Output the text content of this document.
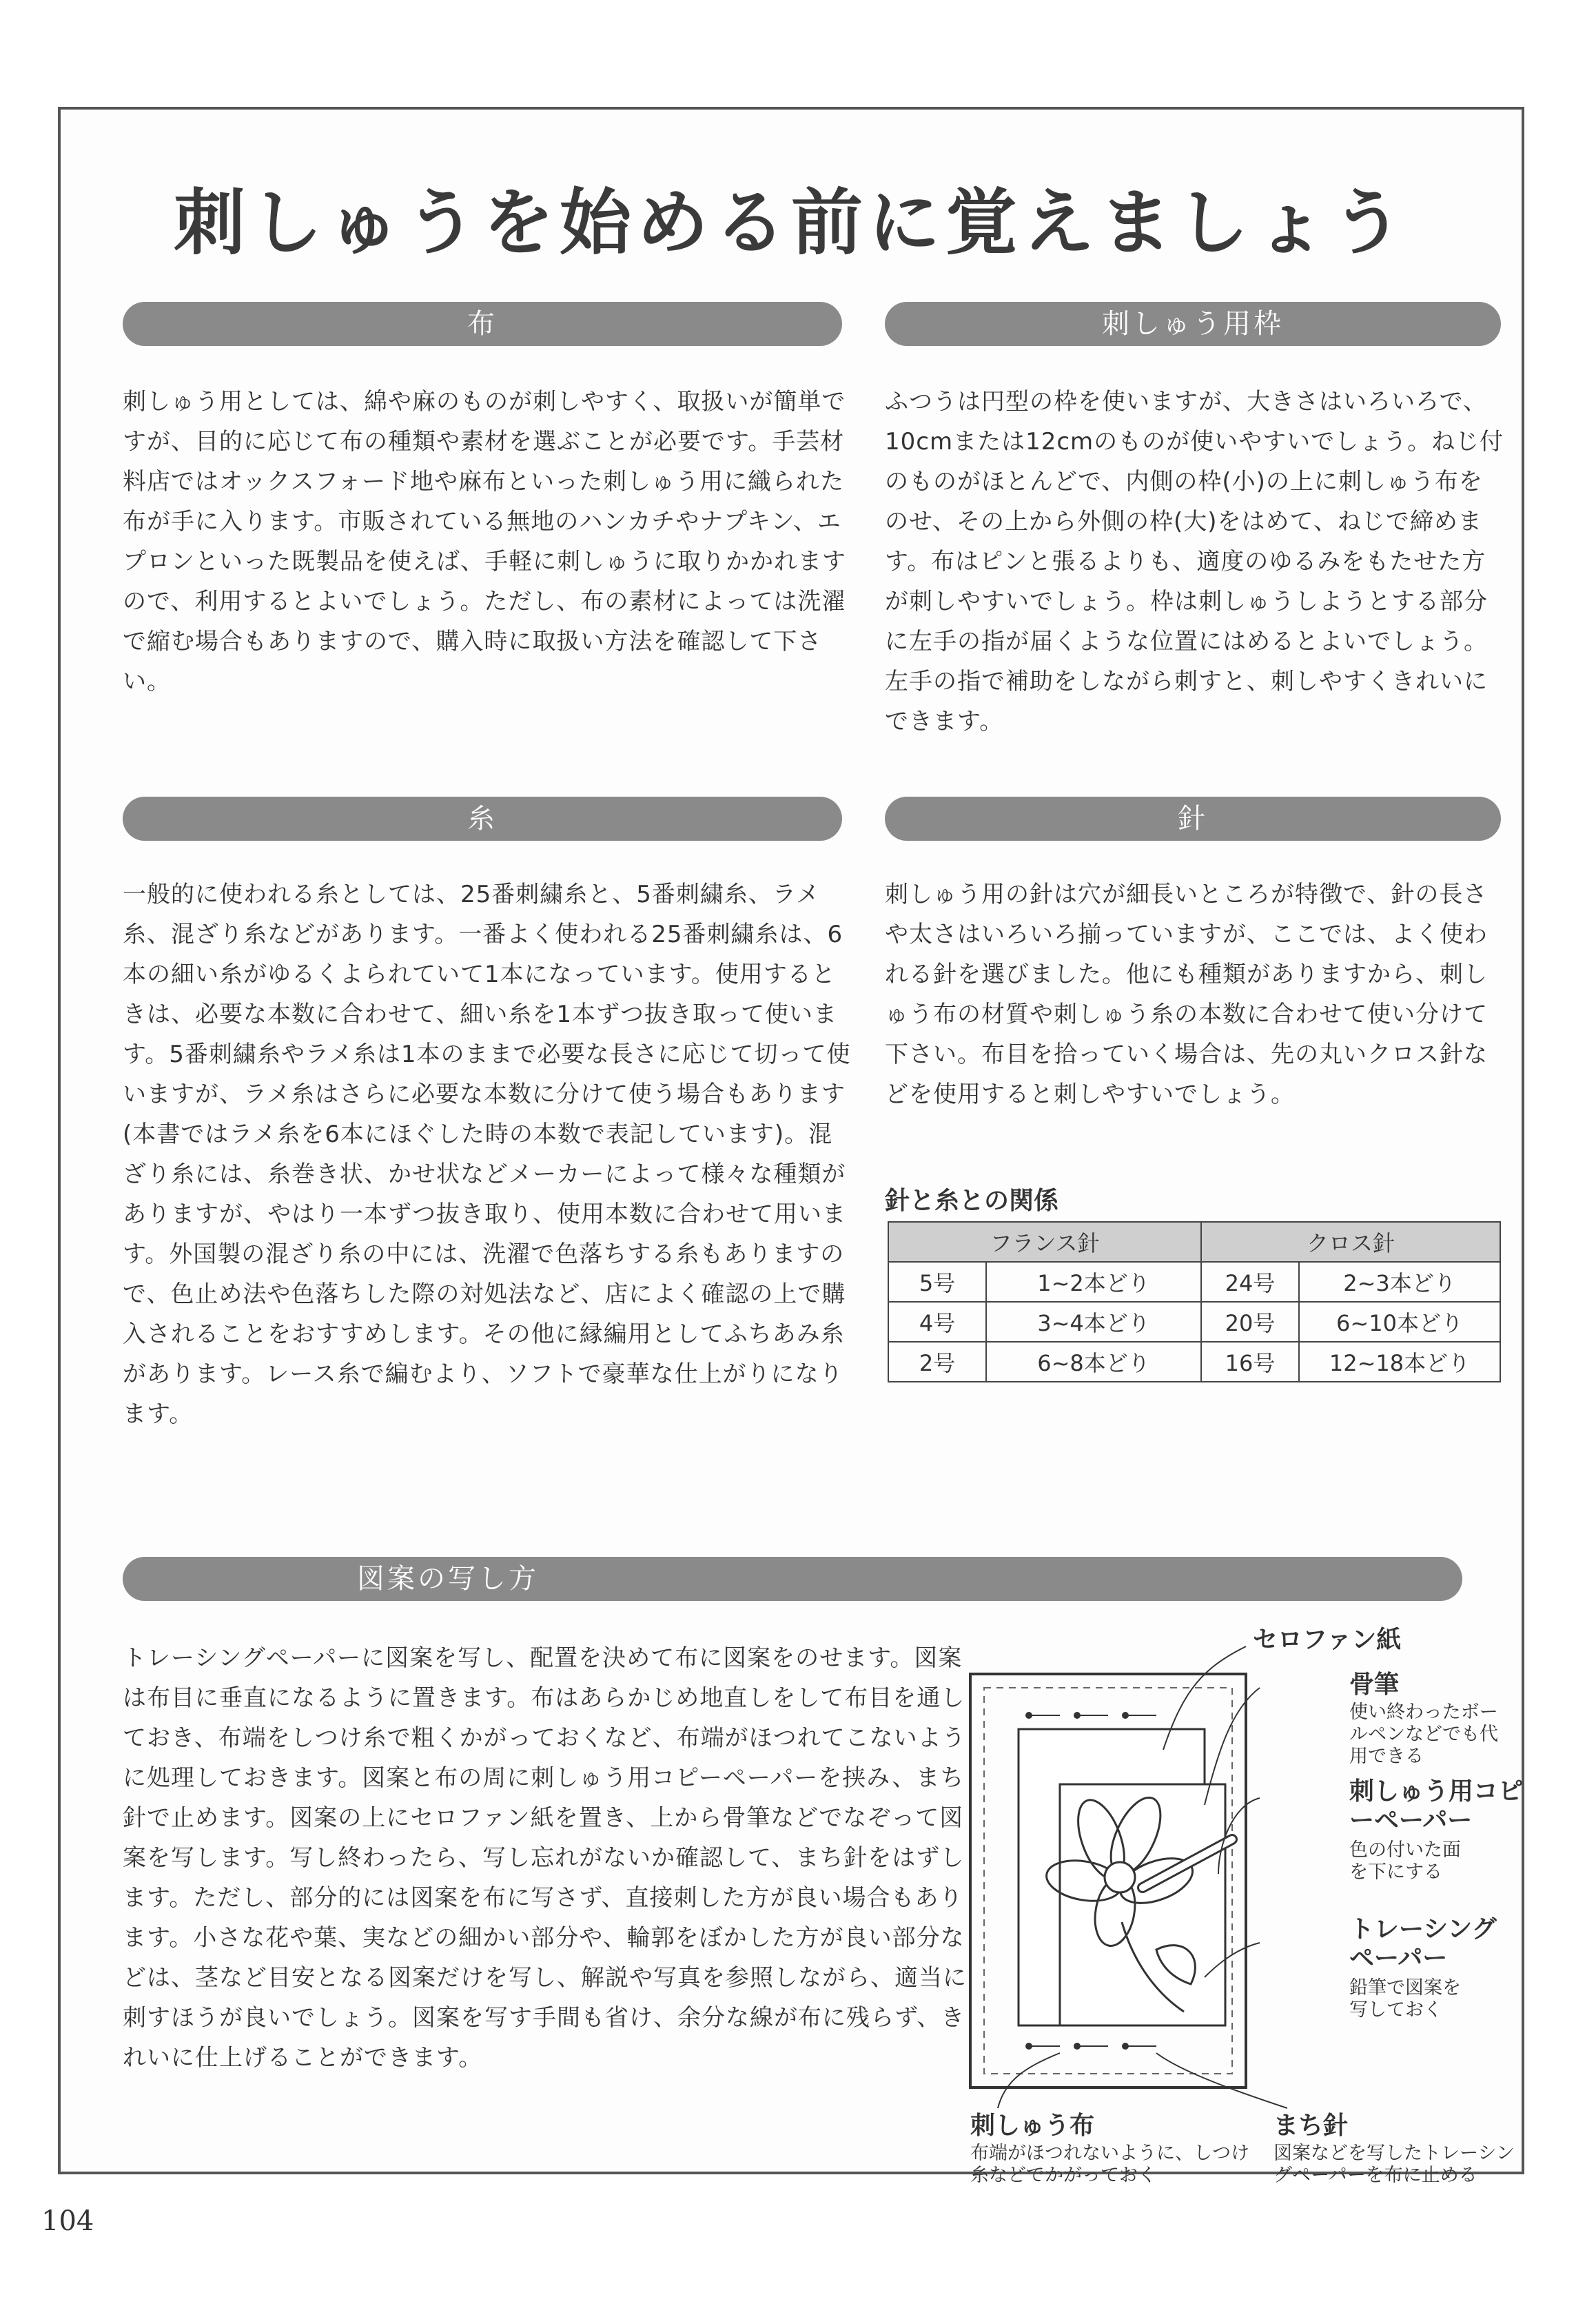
刺しゅうを始める前に覚えましょう
布
刺しゅう用としては、綿や麻のものが刺しやすく、取扱いが簡単ですが、目的に応じて布の種類や素材を選ぶことが必要です。手芸材料店ではオックスフォード地や麻布といった刺しゅう用に織られた布が手に入ります。市販されている無地のハンカチやナプキン、エプロンといった既製品を使えば、手軽に刺しゅうに取りかかれますので、利用するとよいでしょう。ただし、布の素材によっては洗濯で縮む場合もありますので、購入時に取扱い方法を確認して下さい。
刺しゅう用枠
ふつうは円型の枠を使いますが、大きさはいろいろで、10cmまたは12cmのものが使いやすいでしょう。ねじ付のものがほとんどで、内側の枠(小)の上に刺しゅう布をのせ、その上から外側の枠(大)をはめて、ねじで締めます。布はピンと張るよりも、適度のゆるみをもたせた方が刺しやすいでしょう。枠は刺しゅうしようとする部分に左手の指が届くような位置にはめるとよいでしょう。左手の指で補助をしながら刺すと、刺しやすくきれいにできます。
糸
一般的に使われる糸としては、25番刺繍糸と、5番刺繍糸、ラメ糸、混ざり糸などがあります。一番よく使われる25番刺繍糸は、6本の細い糸がゆるくよられていて1本になっています。使用するときは、必要な本数に合わせて、細い糸を1本ずつ抜き取って使います。5番刺繍糸やラメ糸は1本のままで必要な長さに応じて切って使いますが、ラメ糸はさらに必要な本数に分けて使う場合もあります(本書ではラメ糸を6本にほぐした時の本数で表記しています)。混ざり糸には、糸巻き状、かせ状などメーカーによって様々な種類がありますが、やはり一本ずつ抜き取り、使用本数に合わせて用います。外国製の混ざり糸の中には、洗濯で色落ちする糸もありますので、色止め法や色落ちした際の対処法など、店によく確認の上で購入されることをおすすめします。その他に縁編用としてふちあみ糸があります。レース糸で編むより、ソフトで豪華な仕上がりになります。
針
刺しゅう用の針は穴が細長いところが特徴で、針の長さや太さはいろいろ揃っていますが、ここでは、よく使われる針を選びました。他にも種類がありますから、刺しゅう布の材質や刺しゅう糸の本数に合わせて使い分けて下さい。布目を拾っていく場合は、先の丸いクロス針などを使用すると刺しやすいでしょう。
針と糸との関係
フランス針		クロス針	
5号	1~2本どり	24号	2~3本どり
4号	3~4本どり	20号	6~10本どり
2号	6~8本どり	16号	12~18本どり
図案の写し方
トレーシングペーパーに図案を写し、配置を決めて布に図案をのせます。図案は布目に垂直になるように置きます。布はあらかじめ地直しをして布目を通しておき、布端をしつけ糸で粗くかがっておくなど、布端がほつれてこないように処理しておきます。図案と布の周に刺しゅう用コピーペーパーを挟み、まち針で止めます。図案の上にセロファン紙を置き、上から骨筆などでなぞって図案を写します。写し終わったら、写し忘れがないか確認して、まち針をはずします。ただし、部分的には図案を布に写さず、直接刺した方が良い場合もあります。小さな花や葉、実などの細かい部分や、輪郭をぼかした方が良い部分などは、茎など目安となる図案だけを写し、解説や写真を参照しながら、適当に刺すほうが良いでしょう。図案を写す手間も省け、余分な線が布に残らず、きれいに仕上げることができます。
セロファン紙
骨筆
使い終わったボールペンなどでも代用できる
刺しゅう用コピーペーパー
色の付いた面を下にする
トレーシングペーパー
鉛筆で図案を写しておく
刺しゅう布
布端がほつれないように、しつけ糸などでかがっておく
まち針
図案などを写したトレーシングペーパーを布に止める
104
